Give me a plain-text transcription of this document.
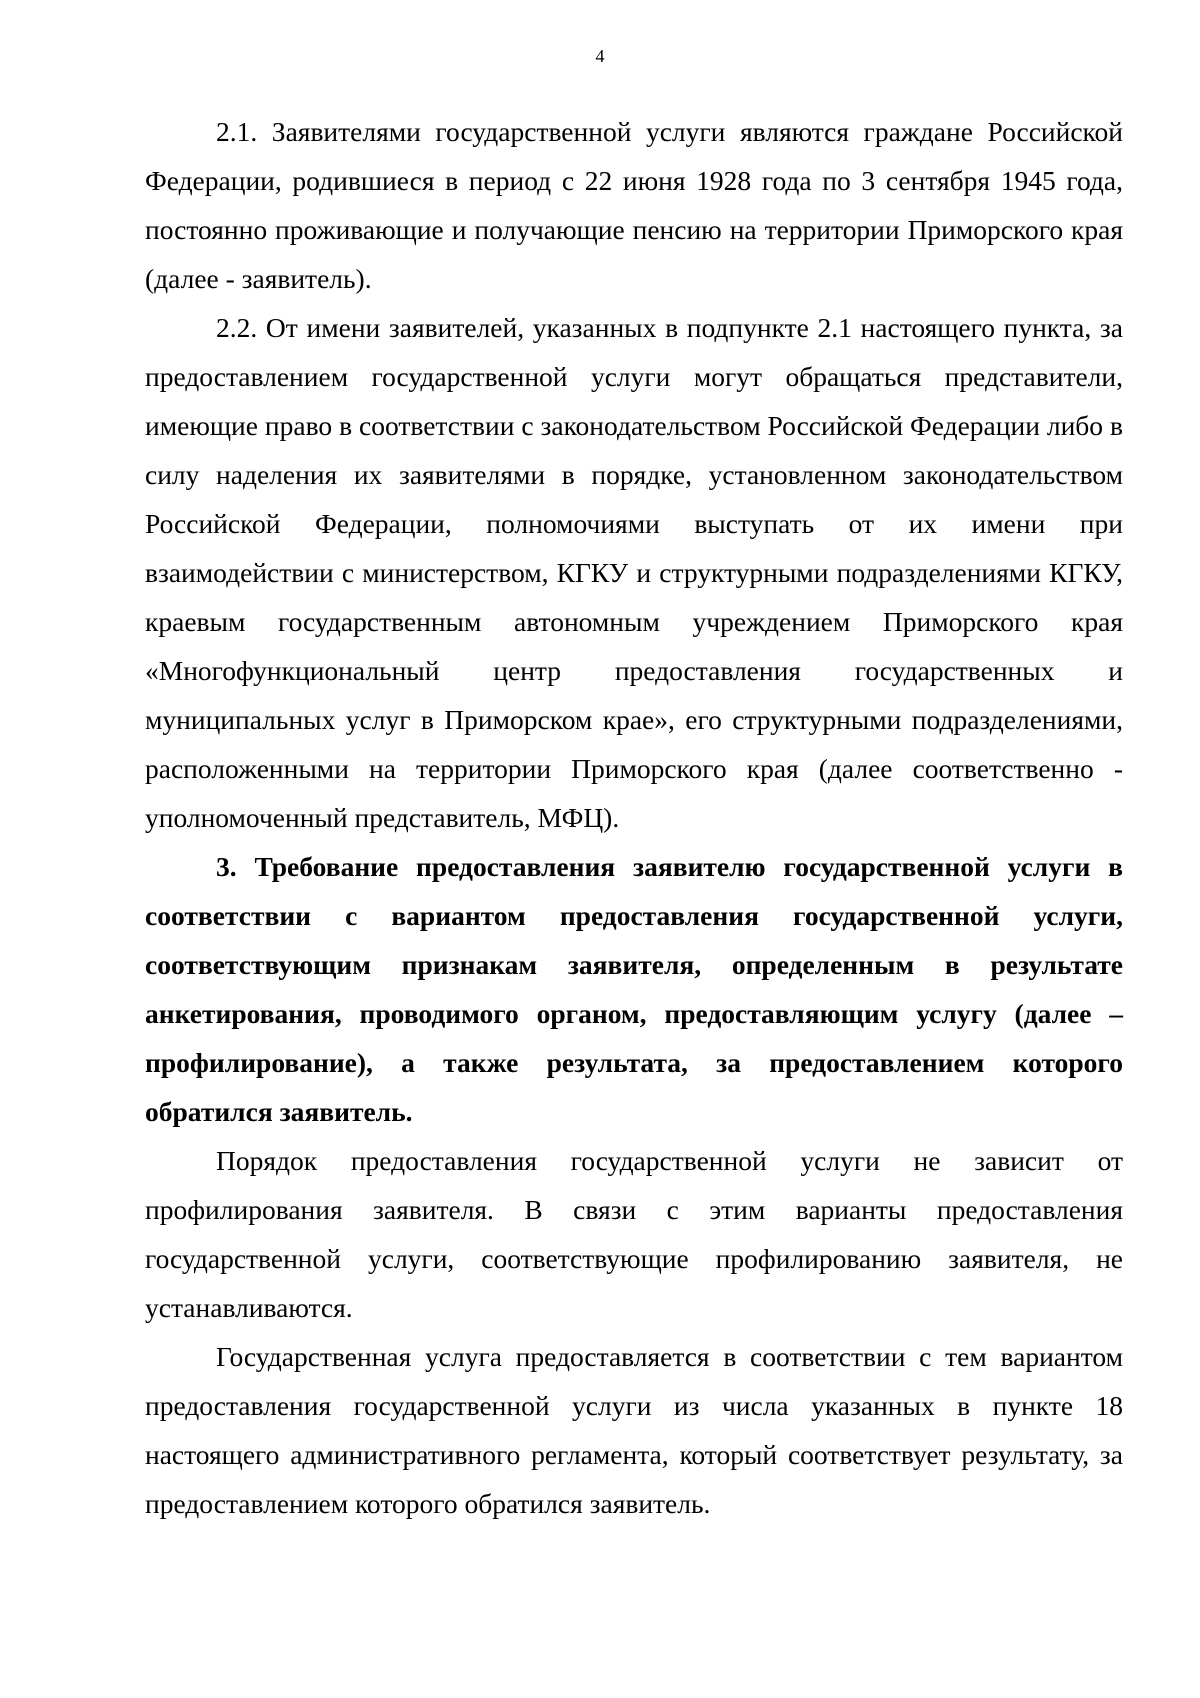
4

2.1. Заявителями государственной услуги являются граждане Российской Федерации, родившиеся в период с 22 июня 1928 года по 3 сентября 1945 года, постоянно проживающие и получающие пенсию на территории Приморского края (далее - заявитель).

2.2. От имени заявителей, указанных в подпункте 2.1 настоящего пункта, за предоставлением государственной услуги могут обращаться представители, имеющие право в соответствии с законодательством Российской Федерации либо в силу наделения их заявителями в порядке, установленном законодательством Российской Федерации, полномочиями выступать от их имени при взаимодействии с министерством, КГКУ и структурными подразделениями КГКУ, краевым государственным автономным учреждением Приморского края «Многофункциональный центр предоставления государственных и муниципальных услуг в Приморском крае», его структурными подразделениями, расположенными на территории Приморского края (далее соответственно - уполномоченный представитель, МФЦ).

3. Требование предоставления заявителю государственной услуги в соответствии с вариантом предоставления государственной услуги, соответствующим признакам заявителя, определенным в результате анкетирования, проводимого органом, предоставляющим услугу (далее – профилирование), а также результата, за предоставлением которого обратился заявитель.

Порядок предоставления государственной услуги не зависит от профилирования заявителя. В связи с этим варианты предоставления государственной услуги, соответствующие профилированию заявителя, не устанавливаются.

Государственная услуга предоставляется в соответствии с тем вариантом предоставления государственной услуги из числа указанных в пункте 18 настоящего административного регламента, который соответствует результату, за предоставлением которого обратился заявитель.
